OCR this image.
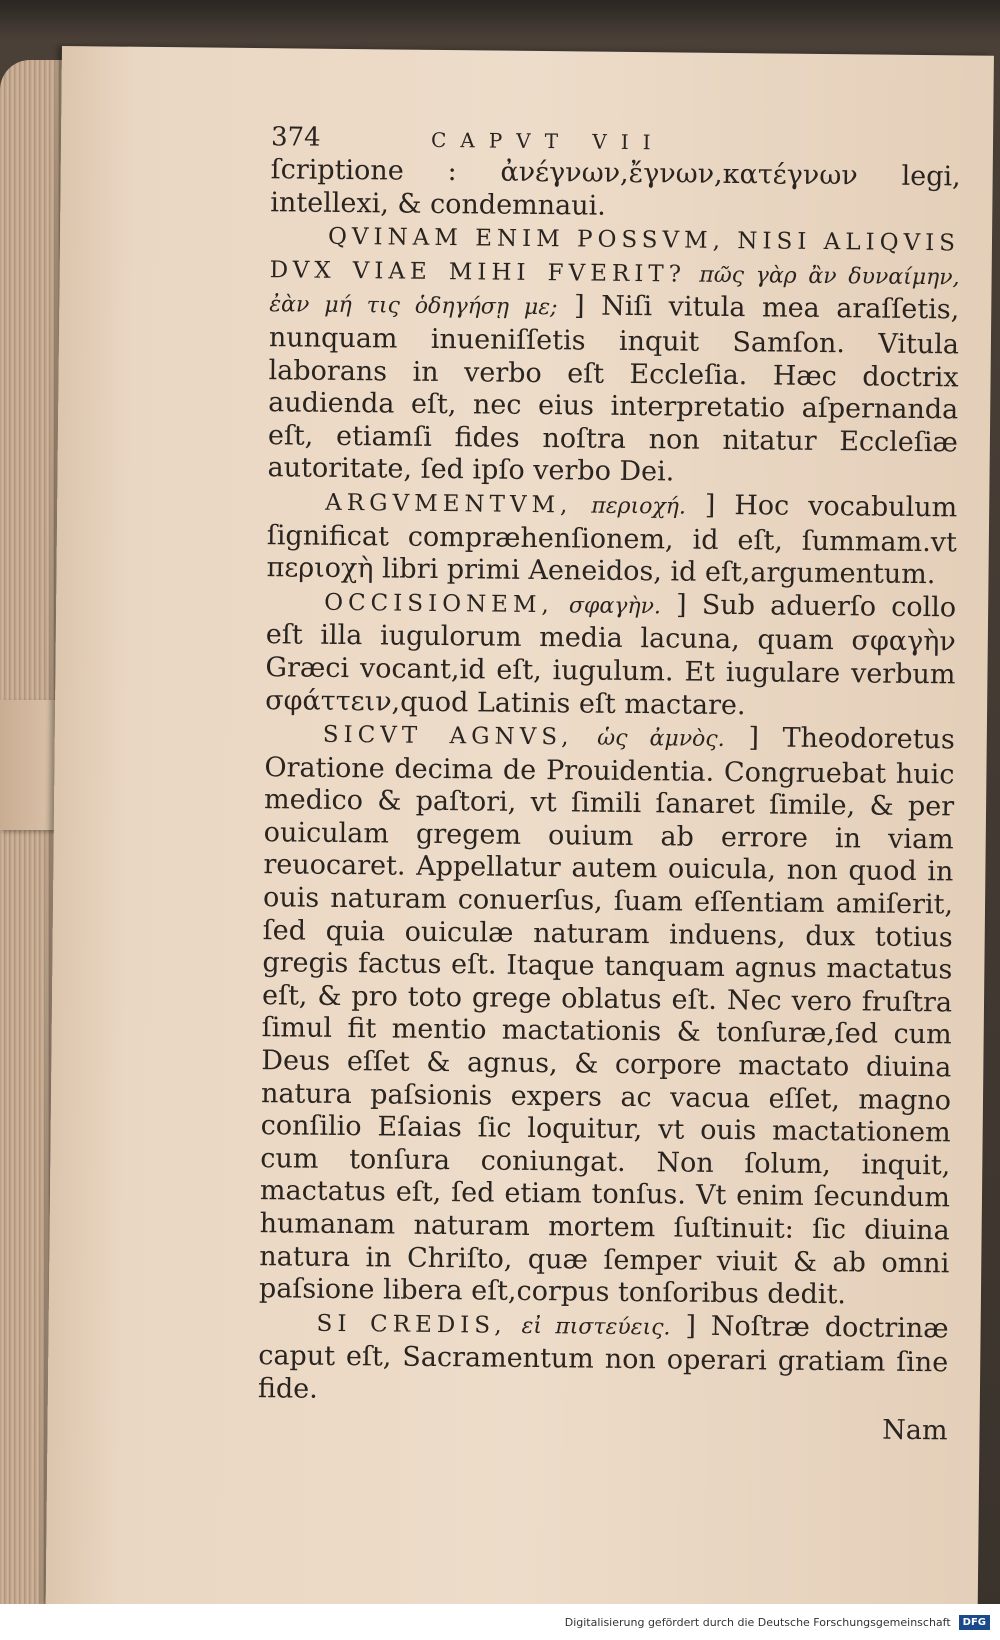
374	CAPVT VII

ſcriptione : ἀνέγνων,ἔγνων,κατέγνων legi, intellexi, & condemnaui.

QVINAM ENIM POSSVM, NISI ALIQVIS DVX VIAE MIHI FVERIT? πῶς γὰρ ἂν δυναίμην, ἐὰν μή τις ὁδηγήσῃ με; ] Niſi vitula mea araſſetis, nunquam inueniſſetis inquit Samſon. Vitula laborans in verbo eſt Eccleſia. Hæc doctrix audienda eſt, nec eius interpretatio aſpernanda eſt, etiamſi fides noſtra non nitatur Eccleſiæ autoritate, ſed ipſo verbo Dei.

ARGVMENTVM, περιοχή. ] Hoc vocabulum ſignificat compræhenſionem, id eſt, ſummam.vt περιοχὴ libri primi Aeneidos, id eſt,argumentum.

OCCISIONEM, σφαγὴν. ] Sub aduerſo collo eſt illa iugulorum media lacuna, quam σφαγὴν Græci vocant,id eſt, iugulum. Et iugulare verbum σφάττειν,quod Latinis eſt mactare.

SICVT AGNVS, ὡς ἀμνὸς. ] Theodoretus Oratione decima de Prouidentia. Congruebat huic medico & paſtori, vt ſimili ſanaret ſimile, & per ouiculam gregem ouium ab errore in viam reuocaret. Appellatur autem ouicula, non quod in ouis naturam conuerſus, ſuam eſſentiam amiſerit, ſed quia ouiculæ naturam induens, dux totius gregis factus eſt. Itaque tanquam agnus mactatus eſt, & pro toto grege oblatus eſt. Nec vero fruſtra ſimul fit mentio mactationis & tonſuræ,ſed cum Deus eſſet & agnus, & corpore mactato diuina natura paſsionis expers ac vacua eſſet, magno conſilio Eſaias ſic loquitur, vt ouis mactationem cum tonſura coniungat. Non ſolum, inquit, mactatus eſt, ſed etiam tonſus. Vt enim ſecundum humanam naturam mortem ſuſtinuit: ſic diuina natura in Chriſto, quæ ſemper viuit & ab omni paſsione libera eſt,corpus tonſoribus dedit.

SI CREDIS, εἰ πιστεύεις. ] Noſtræ doctrinæ caput eſt, Sacramentum non operari gratiam ſine fide.

Nam
Digitalisierung gefördert durch die Deutsche Forschungsgemeinschaft	DFG
